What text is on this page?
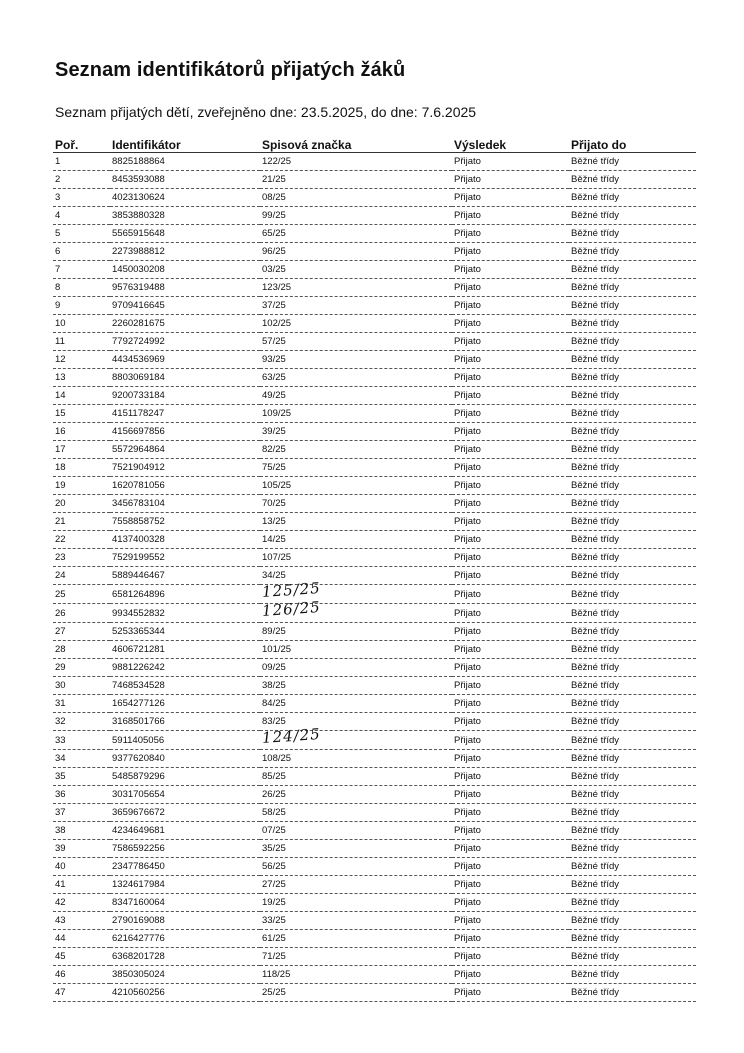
Seznam identifikátorů přijatých žáků
Seznam přijatých dětí, zveřejněno dne: 23.5.2025, do dne: 7.6.2025
Poř.	Identifikátor	Spisová značka	Výsledek	Přijato do
1	8825188864	122/25	Přijato	Běžné třídy
2	8453593088	21/25	Přijato	Běžné třídy
3	4023130624	08/25	Přijato	Běžné třídy
4	3853880328	99/25	Přijato	Běžné třídy
5	5565915648	65/25	Přijato	Běžné třídy
6	2273988812	96/25	Přijato	Běžné třídy
7	1450030208	03/25	Přijato	Běžné třídy
8	9576319488	123/25	Přijato	Běžné třídy
9	9709416645	37/25	Přijato	Běžné třídy
10	2260281675	102/25	Přijato	Běžné třídy
11	7792724992	57/25	Přijato	Běžné třídy
12	4434536969	93/25	Přijato	Běžné třídy
13	8803069184	63/25	Přijato	Běžné třídy
14	9200733184	49/25	Přijato	Běžné třídy
15	4151178247	109/25	Přijato	Běžné třídy
16	4156697856	39/25	Přijato	Běžné třídy
17	5572964864	82/25	Přijato	Běžné třídy
18	7521904912	75/25	Přijato	Běžné třídy
19	1620781056	105/25	Přijato	Běžné třídy
20	3456783104	70/25	Přijato	Běžné třídy
21	7558858752	13/25	Přijato	Běžné třídy
22	4137400328	14/25	Přijato	Běžné třídy
23	7529199552	107/25	Přijato	Běžné třídy
24	5889446467	34/25	Přijato	Běžné třídy
25	6581264896	125/25	Přijato	Běžné třídy
26	9934552832	126/25	Přijato	Běžné třídy
27	5253365344	89/25	Přijato	Běžné třídy
28	4606721281	101/25	Přijato	Běžné třídy
29	9881226242	09/25	Přijato	Běžné třídy
30	7468534528	38/25	Přijato	Běžné třídy
31	1654277126	84/25	Přijato	Běžné třídy
32	3168501766	83/25	Přijato	Běžné třídy
33	5911405056	124/25	Přijato	Běžné třídy
34	9377620840	108/25	Přijato	Běžné třídy
35	5485879296	85/25	Přijato	Běžné třídy
36	3031705654	26/25	Přijato	Běžné třídy
37	3659676672	58/25	Přijato	Běžné třídy
38	4234649681	07/25	Přijato	Běžné třídy
39	7586592256	35/25	Přijato	Běžné třídy
40	2347786450	56/25	Přijato	Běžné třídy
41	1324617984	27/25	Přijato	Běžné třídy
42	8347160064	19/25	Přijato	Běžné třídy
43	2790169088	33/25	Přijato	Běžné třídy
44	6216427776	61/25	Přijato	Běžné třídy
45	6368201728	71/25	Přijato	Běžné třídy
46	3850305024	118/25	Přijato	Běžné třídy
47	4210560256	25/25	Přijato	Běžné třídy
